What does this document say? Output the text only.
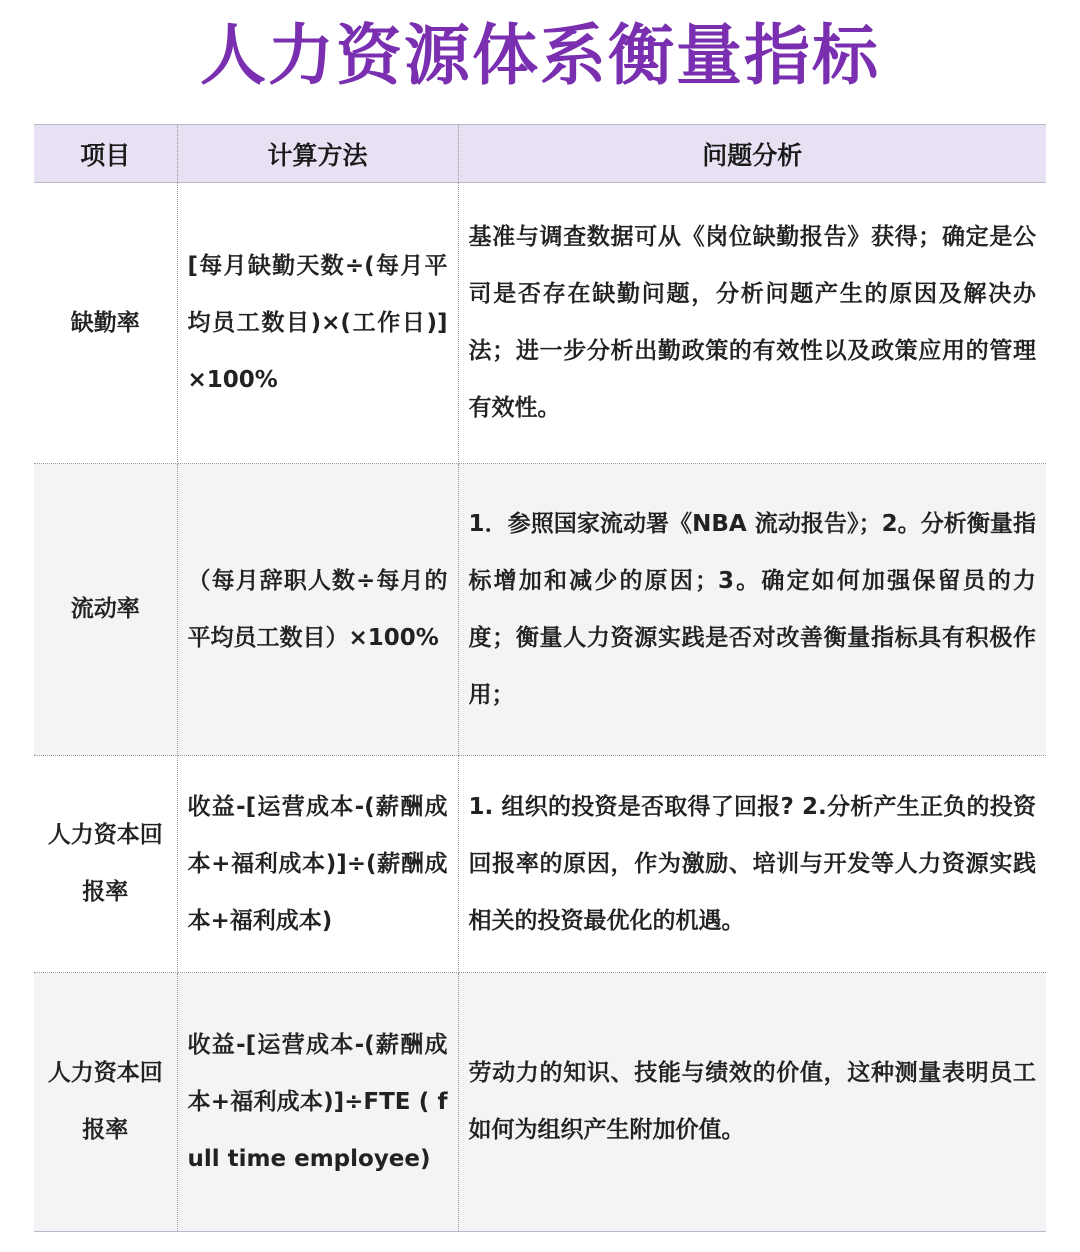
人力资源体系衡量指标
项目	计算方法	问题分析
缺勤率	[每月缺勤天数÷(每月平均员工数目)×(工作日)]×100%	基准与调查数据可从《岗位缺勤报告》获得；确定是公司是否存在缺勤问题，分析问题产生的原因及解决办法；进一步分析出勤政策的有效性以及政策应用的管理有效性。
流动率	（每月辞职人数÷每月的平均员工数目）×100%	1．参照国家流动署《NBA 流动报告》；2。分析衡量指标增加和减少的原因；3。确定如何加强保留员的力度；衡量人力资源实践是否对改善衡量指标具有积极作用；
人力资本回报率	收益-[运营成本-(薪酬成本+福利成本)]÷(薪酬成本+福利成本)	1. 组织的投资是否取得了回报? 2.分析产生正负的投资回报率的原因，作为激励、培训与开发等人力资源实践相关的投资最优化的机遇。
人力资本回报率	收益-[运营成本-(薪酬成本+福利成本)]÷FTE ( full time employee)	劳动力的知识、技能与绩效的价值，这种测量表明员工如何为组织产生附加价值。
